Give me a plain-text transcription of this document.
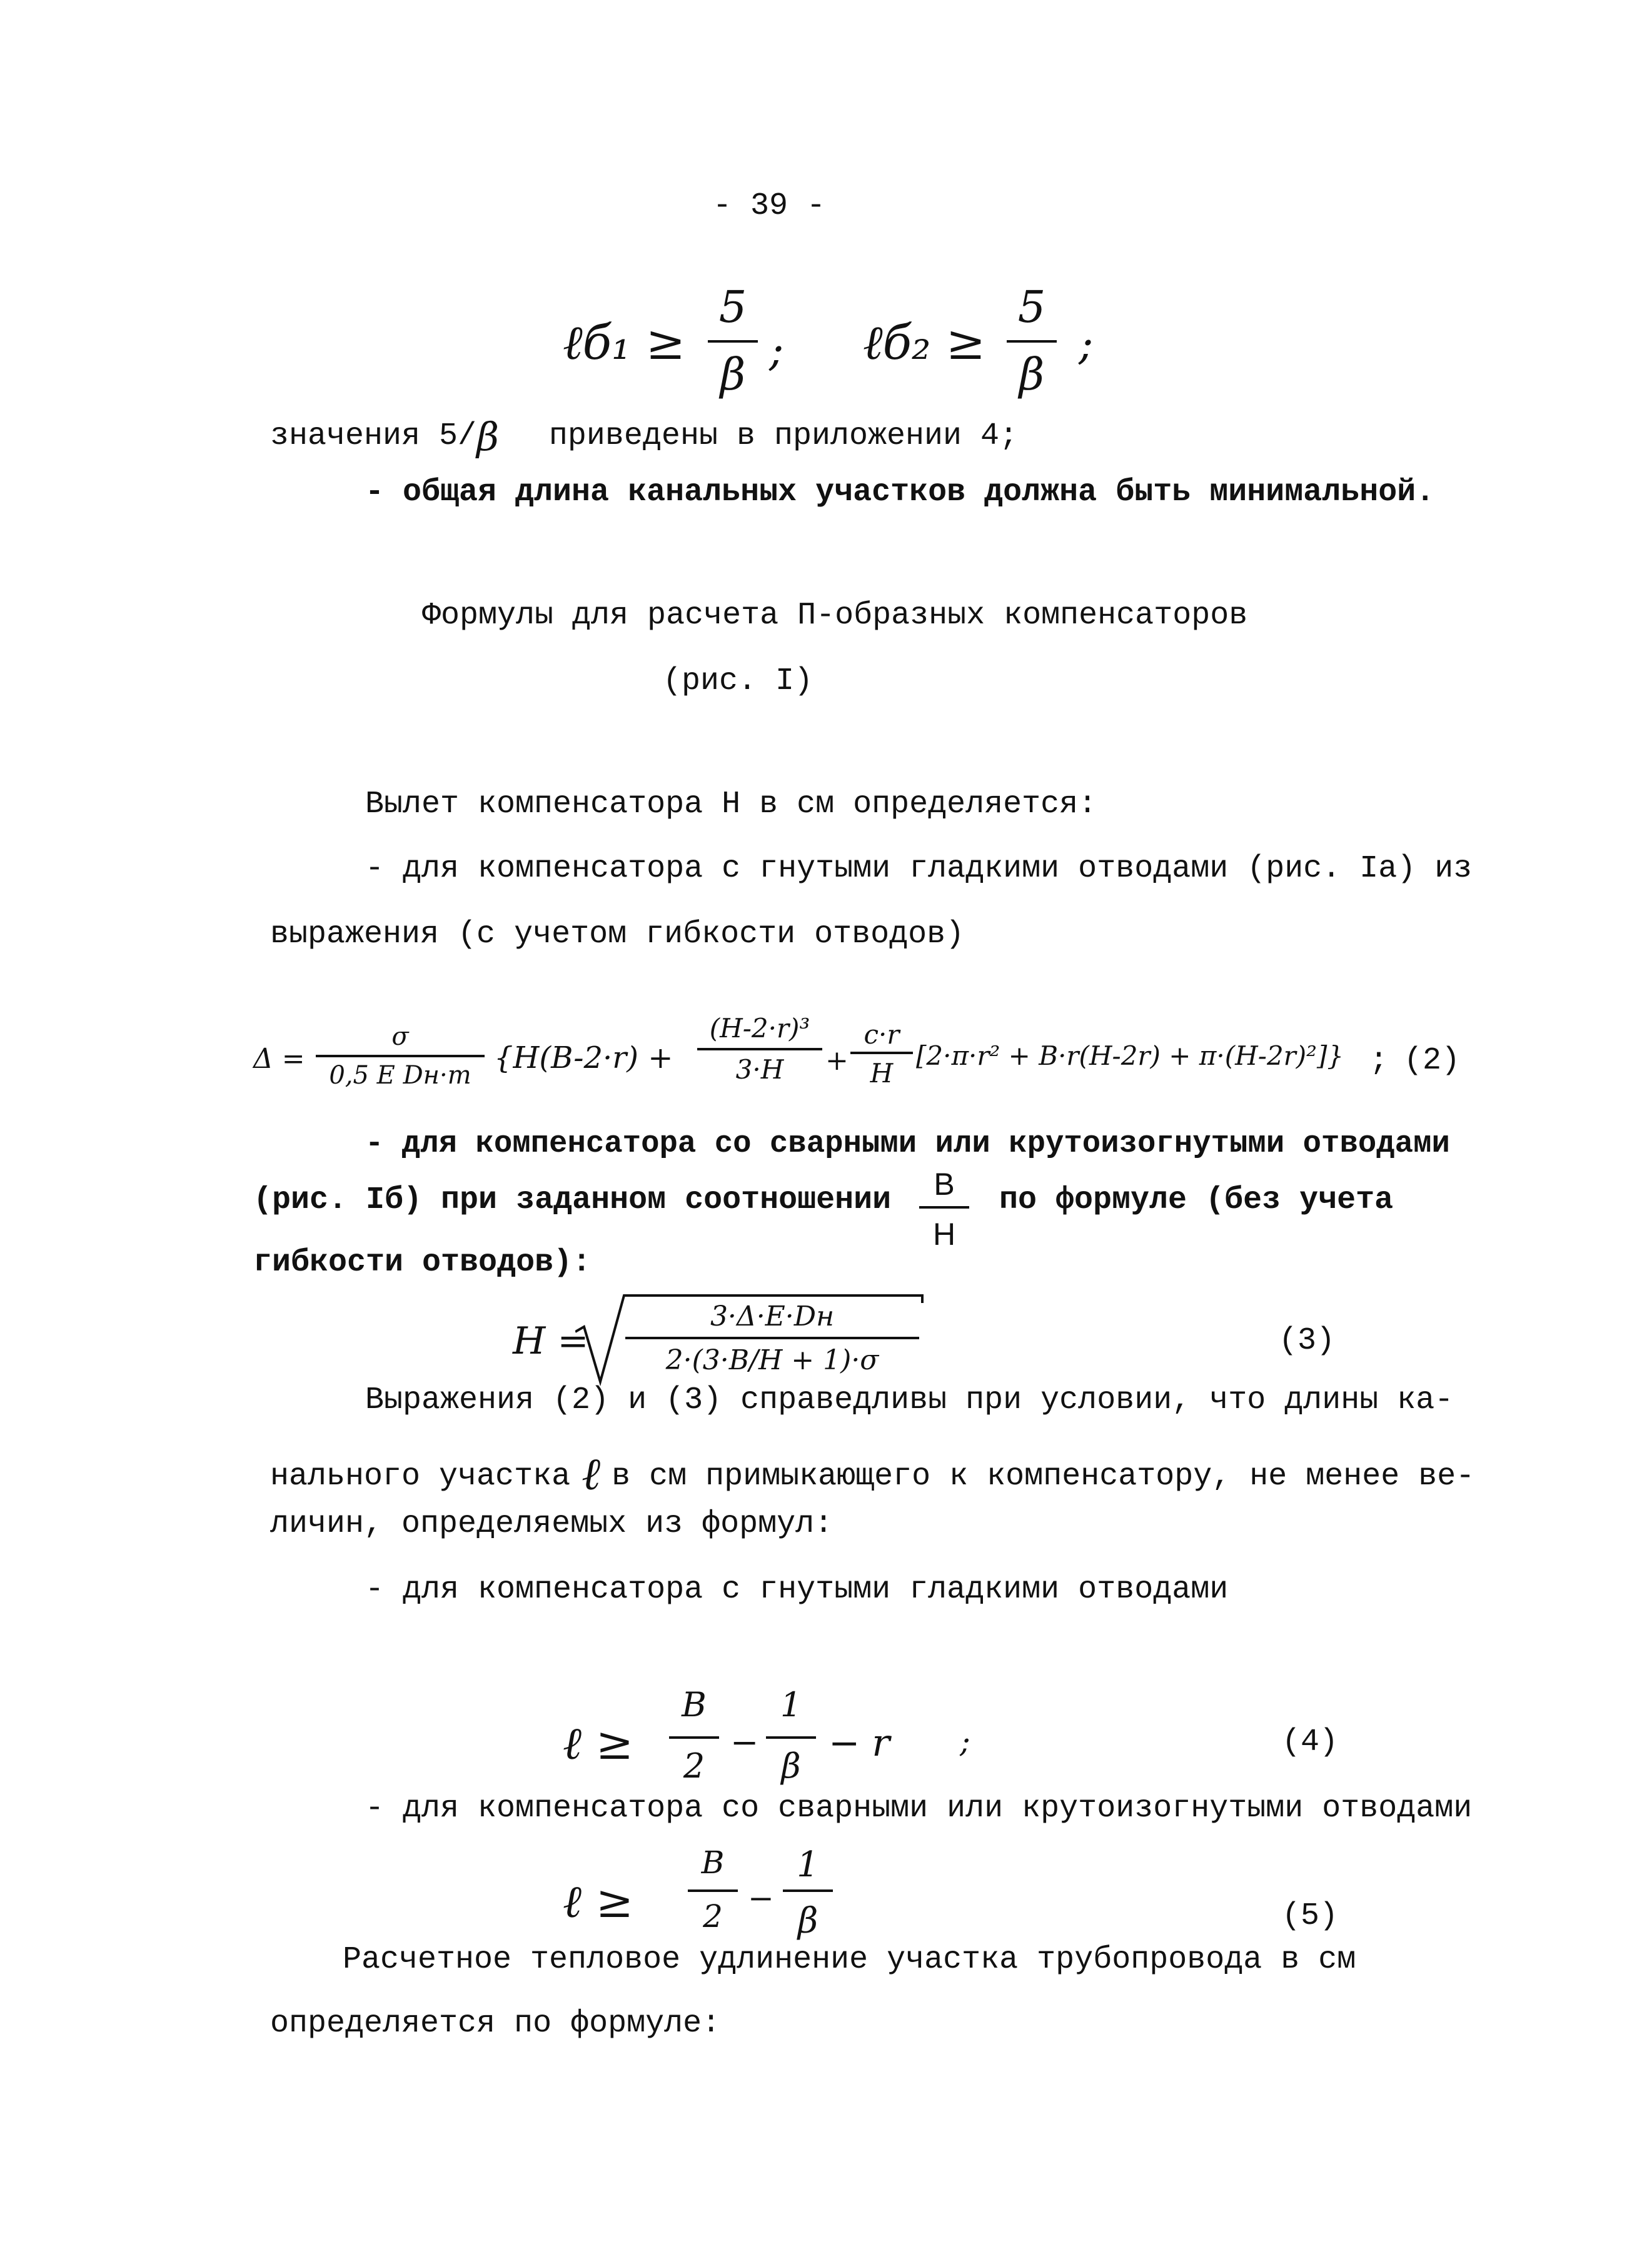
- 39 -
ℓб₁ ≥
5
β ; ℓб₂ ≥
5
β
;
значения 5/β приведены в приложении 4;
- общая длина канальных участков должна быть минимальной.
Формулы для расчета П-образных компенсаторов
(рис. I)
Вылет компенсатора Н в см определяется:
- для компенсатора с гнутыми гладкими отводами (рис. Iа) из
выражения (с учетом гибкости отводов)
Δ =
σ
0,5 E Dн·m {H(B-2·r) +
(H-2·r)³
3·H	+
c·r
H
[2·π·r² + B·r(H-2r) + π·(H-2r)²]} ; (2)
- для компенсатора со сварными или крутоизогнутыми отводами
(рис. Iб) при заданном соотношении	В
Н
по формуле (без учета
гибкости отводов):
H =
3·Δ·E·Dн
2·(3·B/H + 1)·σ
(3)
Выражения (2) и (3) справедливы при условии, что длины ка-
нального участка ℓ в см примыкающего к компенсатору, не менее ве-
личин, определяемых из формул:
- для компенсатора с гнутыми гладкими отводами
ℓ ≥
B
2
−
1
β
− r ;	(4)
- для компенсатора со сварными или крутоизогнутыми отводами
ℓ ≥
B
2 −
1
β	(5)
Расчетное тепловое удлинение участка трубопровода в см
определяется по формуле:
